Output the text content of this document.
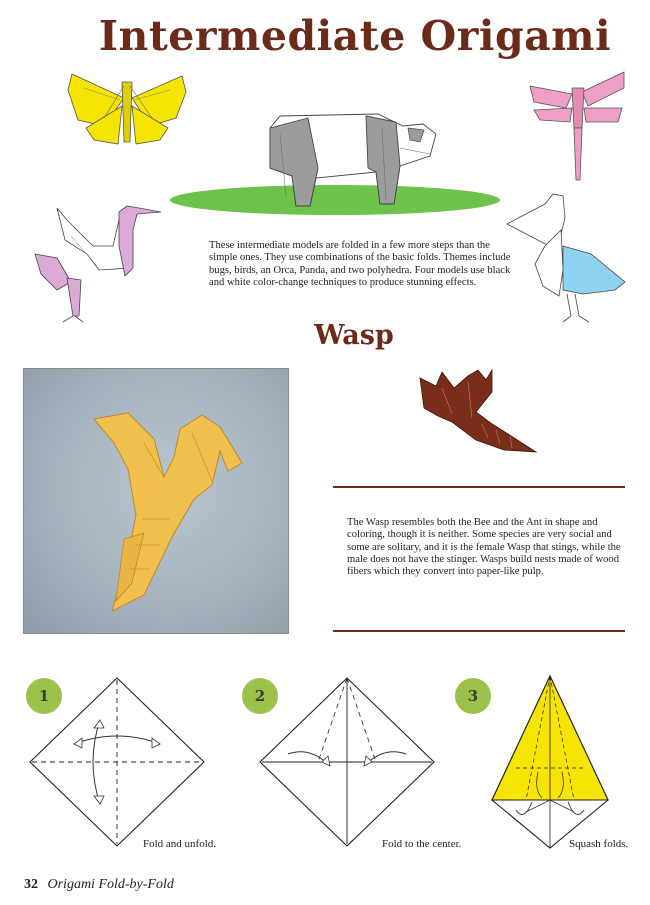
Intermediate Origami
These intermediate models are folded in a few more steps than the simple ones. They use combinations of the basic folds. Themes include bugs, birds, an Orca, Panda, and two polyhedra. Four models use black and white color-change techniques to produce stunning effects.
Wasp
The Wasp resembles both the Bee and the Ant in shape and coloring, though it is neither. Some species are very social and some are solitary, and it is the female Wasp that stings, while the male does not have the stinger. Wasps build nests made of wood fibers which they convert into paper-like pulp.
1
Fold and unfold.
2
Fold to the center.
3
Squash folds.
32 Origami Fold-by-Fold
